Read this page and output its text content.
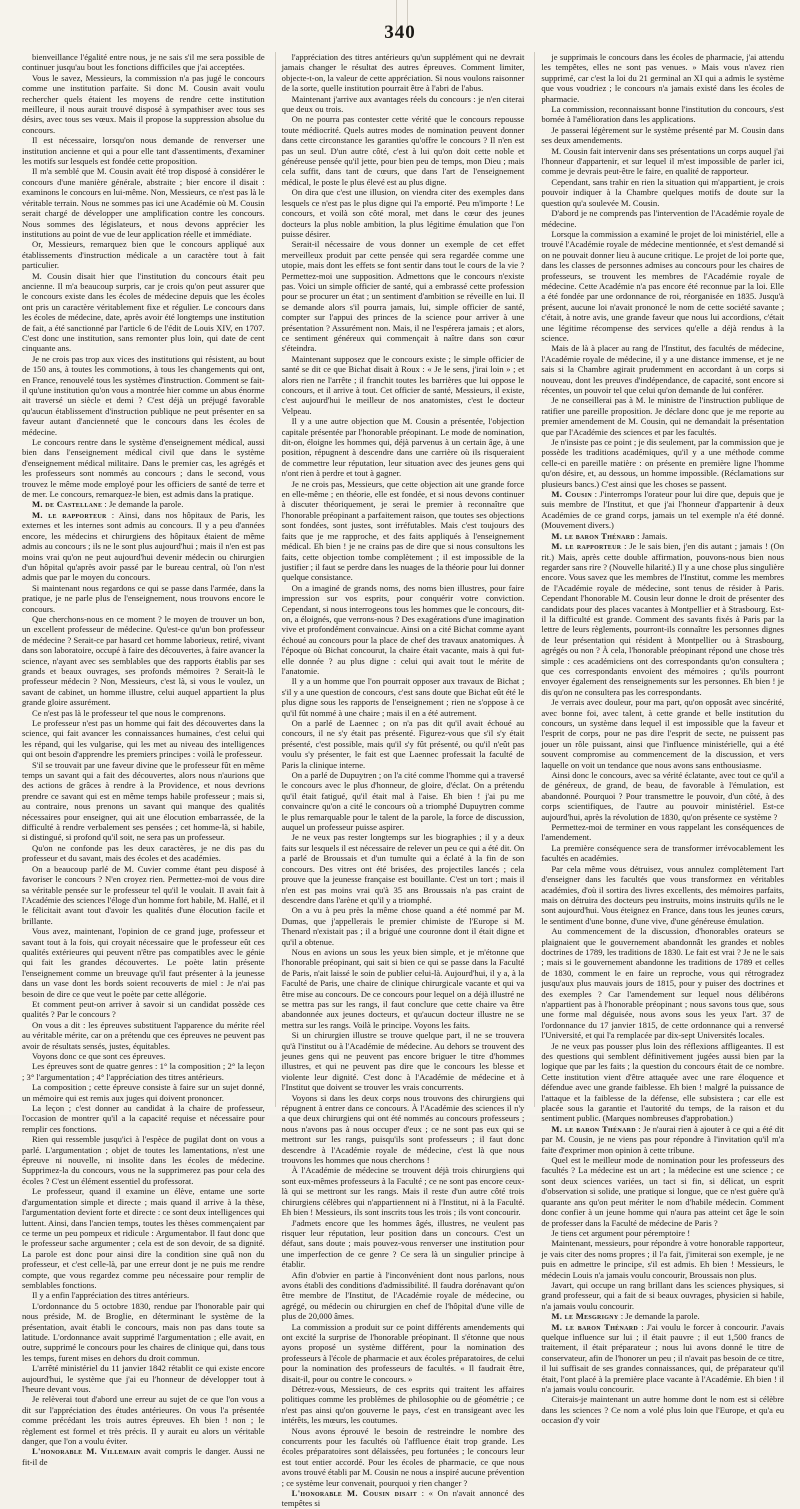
340

bienveillance l'égalité entre nous, je ne sais s'il me sera possible de continuer jusqu'au bout les fonctions difficiles que j'ai acceptées.

Vous le savez, Messieurs, la commission n'a pas jugé le concours comme une institution parfaite. Si donc M. Cousin avait voulu rechercher quels étaient les moyens de rendre cette institution meilleure, il nous aurait trouvé disposé à sympathiser avec tous ses désirs, avec tous ses vœux. Mais il propose la suppression absolue du concours.

Il est nécessaire, lorsqu'on nous demande de renverser une institution ancienne et qui a pour elle tant d'assentiments, d'examiner les motifs sur lesquels est fondée cette proposition.

Il m'a semblé que M. Cousin avait été trop disposé à considérer le concours d'une manière générale, abstraite ; bier encore il disait : examinons le concours en lui-même. Non, Messieurs, ce n'est pas là le véritable terrain. Nous ne sommes pas ici une Académie où M. Cousin serait chargé de développer une amplification contre les concours. Nous sommes des législateurs, et nous devons apprécier les institutions au point de vue de leur application réelle et immédiate.

Or, Messieurs, remarquez bien que le concours appliqué aux établissements d'instruction médicale a un caractère tout à fait particulier.

M. Cousin disait hier que l'institution du concours était peu ancienne. Il m'a beaucoup surpris, car je crois qu'on peut assurer que le concours existe dans les écoles de médecine depuis que les écoles ont pris un caractère véritablement fixe et régulier. Le concours dans les écoles de médecine, date, après avoir été longtemps une institution de fait, a été sanctionné par l'article 6 de l'édit de Louis XIV, en 1707. C'est donc une institution, sans remonter plus loin, qui date de cent cinquante ans.

Je ne crois pas trop aux vices des institutions qui résistent, au bout de 150 ans, à toutes les commotions, à tous les changements qui ont, en France, renouvelé tous les systèmes d'instruction. Comment se fait-il qu'une institution qu'on vous a montrée hier comme un abus énorme ait traversé un siècle et demi ? C'est déjà un préjugé favorable qu'aucun établissement d'instruction publique ne peut présenter en sa faveur autant d'ancienneté que le concours dans les écoles de médecine.

Le concours rentre dans le système d'enseignement médical, aussi bien dans l'enseignement médical civil que dans le système d'enseignement médical militaire. Dans le premier cas, les agrégés et les professeurs sont nommés au concours ; dans le second, vous trouvez le même mode employé pour les officiers de santé de terre et de mer. Le concours, remarquez-le bien, est admis dans la pratique.

M. de Castellane : Je demande la parole.

M. le rapporteur : Ainsi, dans nos hôpitaux de Paris, les externes et les internes sont admis au concours. Il y a peu d'années encore, les médecins et chirurgiens des hôpitaux étaient de même admis au concours ; ils ne le sont plus aujourd'hui ; mais il n'en est pas moins vrai qu'on ne peut aujourd'hui devenir médecin ou chirurgien d'un hôpital qu'après avoir passé par le bureau central, où l'on n'est admis que par le moyen du concours.

Si maintenant nous regardons ce qui se passe dans l'armée, dans la pratique, je ne parle plus de l'enseignement, nous trouvons encore le concours.

Que cherchons-nous en ce moment ? le moyen de trouver un bon, un excellent professeur de médecine. Qu'est-ce qu'un bon professeur de médecine ? Serait-ce par hasard cet homme laborieux, retiré, vivant dans son laboratoire, occupé à faire des découvertes, à faire avancer la science, n'ayant avec ses semblables que des rapports établis par ses grands et beaux ouvrages, ses profonds mémoires ? Serait-là le professeur médecin ? Non, Messieurs, c'est là, si vous le voulez, un savant de cabinet, un homme illustre, celui auquel appartient la plus grande gloire assurément.

Ce n'est pas là le professeur tel que nous le comprenons.

Le professeur n'est pas un homme qui fait des découvertes dans la science, qui fait avancer les connaissances humaines, c'est celui qui les répand, qui les vulgarise, qui les met au niveau des intelligences qui ont besoin d'apprendre les premiers principes : voilà le professeur.

S'il se trouvait par une faveur divine que le professeur fût en même temps un savant qui a fait des découvertes, alors nous n'aurions que des actions de grâces à rendre à la Providence, et nous devrions prendre ce savant qui est en même temps habile professeur ; mais si, au contraire, nous prenons un savant qui manque des qualités nécessaires pour enseigner, qui ait une élocution embarrassée, de la difficulté à rendre verbalement ses pensées ; cet homme-là, si habile, si distingué, si profond qu'il soit, ne sera pas un professeur.

Qu'on ne confonde pas les deux caractères, je ne dis pas du professeur et du savant, mais des écoles et des académies.

On a beaucoup parlé de M. Cuvier comme étant peu disposé à favoriser le concours ? N'en croyez rien. Permettez-moi de vous dire sa véritable pensée sur le professeur tel qu'il le voulait. Il avait fait à l'Académie des sciences l'éloge d'un homme fort habile, M. Hallé, et il le félicitait avant tout d'avoir les qualités d'une élocution facile et brillante.

Vous avez, maintenant, l'opinion de ce grand juge, professeur et savant tout à la fois, qui croyait nécessaire que le professeur eût ces qualités extérieures qui peuvent n'être pas compatibles avec le génie qui fait les grandes découvertes. Le poète latin présente l'enseignement comme un breuvage qu'il faut présenter à la jeunesse dans un vase dont les bords soient recouverts de miel : Je n'ai pas besoin de dire ce que veut le poète par cette allégorie.

Et comment peut-on arriver à savoir si un candidat possède ces qualités ? Par le concours ?

On vous a dit : les épreuves substituent l'apparence du mérite réel au véritable mérite, car on a prétendu que ces épreuves ne peuvent pas avoir de résultats sensés, justes, équitables.

Voyons donc ce que sont ces épreuves.

Les épreuves sont de quatre genres : 1° la composition ; 2° la leçon ; 3° l'argumentation ; 4° l'appréciation des titres antérieurs.

La composition ; cette épreuve consiste à faire sur un sujet donné, un mémoire qui est remis aux juges qui doivent prononcer.

La leçon ; c'est donner au candidat à la chaire de professeur, l'occasion de montrer qu'il a la capacité requise et nécessaire pour remplir ces fonctions.

Rien qui ressemble jusqu'ici à l'espèce de pugilat dont on vous a parlé. L'argumentation ; objet de toutes les lamentations, n'est une épreuve ni nouvelle, ni insolite dans les écoles de médecine. Supprimez-la du concours, vous ne la supprimerez pas pour cela des écoles ? C'est un élément essentiel du professorat.

Le professeur, quand il examine un élève, entame une sorte d'argumentation simple et directe ; mais quand il arrive à la thèse, l'argumentation devient forte et directe : ce sont deux intelligences qui luttent. Ainsi, dans l'ancien temps, toutes les thèses commençaient par ce terme un peu pompeux et ridicule : Argumentabor. Il faut donc que le professeur sache argumenter ; cela est de son devoir, de sa dignité. La parole est donc pour ainsi dire la condition sine quâ non du professeur, et c'est celle-là, par une erreur dont je ne puis me rendre compte, que vous regardez comme peu nécessaire pour remplir de semblables fonctions.

Il y a enfin l'appréciation des titres antérieurs.

L'ordonnance du 5 octobre 1830, rendue par l'honorable pair qui nous préside, M. de Broglie, en déterminant le système de la présentation, avait établi le concours, mais non pas dans toute sa latitude. L'ordonnance avait supprimé l'argumentation ; elle avait, en outre, supprimé le concours pour les chaires de clinique qui, dans tous les temps, furent mises en dehors du droit commun.

L'arrêté ministériel du 11 janvier 1842 rétablit ce qui existe encore aujourd'hui, le système que j'ai eu l'honneur de développer tout à l'heure devant vous.

Je relèverai tout d'abord une erreur au sujet de ce que l'on vous a dit sur l'appréciation des études antérieures. On vous l'a présentée comme précédant les trois autres épreuves. Eh bien ! non ; le règlement est formel et très précis. Il y aurait eu alors un véritable danger, que l'on a voulu éviter.

L'honorable M. Villemain avait compris le danger. Aussi ne fit-il de

l'appréciation des titres antérieurs qu'un supplément qui ne devrait jamais changer le résultat des autres épreuves. Comment limiter, objecte-t-on, la valeur de cette appréciation. Si nous voulons raisonner de la sorte, quelle institution pourrait être à l'abri de l'abus.

Maintenant j'arrive aux avantages réels du concours : je n'en citerai que deux ou trois.

On ne pourra pas contester cette vérité que le concours repousse toute médiocrité. Quels autres modes de nomination peuvent donner dans cette circonstance les garanties qu'offre le concours ? Il n'en est pas un seul. D'un autre côté, c'est à lui qu'on doit cette noble et généreuse pensée qu'il jette, pour bien peu de temps, mon Dieu ; mais cela suffit, dans tant de cœurs, que dans l'art de l'enseignement médical, le poste le plus élevé est au plus digne.

On dira que c'est une illusion, on viendra citer des exemples dans lesquels ce n'est pas le plus digne qui l'a emporté. Peu m'importe ! Le concours, et voilà son côté moral, met dans le cœur des jeunes docteurs la plus noble ambition, la plus légitime émulation que l'on puisse désirer.

Serait-il nécessaire de vous donner un exemple de cet effet merveilleux produit par cette pensée qui sera regardée comme une utopie, mais dont les effets se font sentir dans tout le cours de la vie ? Permettez-moi une supposition. Admettons que le concours n'existe pas. Voici un simple officier de santé, qui a embrassé cette profession pour se procurer un état ; un sentiment d'ambition se réveille en lui. Il se demande alors s'il pourra jamais, lui, simple officier de santé, compter sur l'appui des princes de la science pour arriver à une présentation ? Assurément non. Mais, il ne l'espérera jamais ; et alors, ce sentiment généreux qui commençait à naître dans son cœur s'éteindra.

Maintenant supposez que le concours existe ; le simple officier de santé se dit ce que Bichat disait à Roux : « Je le sens, j'irai loin » ; et alors rien ne l'arrête ; il franchit toutes les barrières que lui oppose le concours, et il arrive à tout. Cet officier de santé, Messieurs, il existe, c'est aujourd'hui le meilleur de nos anatomistes, c'est le docteur Velpeau.

Il y a une autre objection que M. Cousin a présentée, l'objection capitale présentée par l'honorable préopinant. Le mode de nomination, dit-on, éloigne les hommes qui, déjà parvenus à un certain âge, à une position, répugnent à descendre dans une carrière où ils risqueraient de commettre leur réputation, leur situation avec des jeunes gens qui n'ont rien à perdre et tout à gagner.

Je ne crois pas, Messieurs, que cette objection ait une grande force en elle-même ; en théorie, elle est fondée, et si nous devons continuer à discuter théoriquement, je serai le premier à reconnaître que l'honorable préopinant a parfaitement raison, que toutes ses objections sont fondées, sont justes, sont irréfutables. Mais c'est toujours des faits que je me rapproche, et des faits appliqués à l'enseignement médical. Eh bien ! je ne crains pas de dire que si nous consultons les faits, cette objection tombe complètement ; il est impossible de la justifier ; il faut se perdre dans les nuages de la théorie pour lui donner quelque consistance.

On a imaginé de grands noms, des noms bien illustres, pour faire impression sur vos esprits, pour conquérir votre conviction. Cependant, si nous interrogeons tous les hommes que le concours, dit-on, a éloignés, que verrons-nous ? Des exagérations d'une imagination vive et profondément convaincue. Ainsi on a cité Bichat comme ayant échoué au concours pour la place de chef des travaux anatomiques. À l'époque où Bichat concourut, la chaire était vacante, mais à qui fut-elle donnée ? au plus digne : celui qui avait tout le mérite de l'anatomie.

Il y a un homme que l'on pourrait opposer aux travaux de Bichat ; s'il y a une question de concours, c'est sans doute que Bichat eût été le plus digne sous les rapports de l'enseignement ; rien ne s'oppose à ce qu'il fût nommé à une chaire ; mais il en a été autrement.

On a parlé de Laennec ; on n'a pas dit qu'il avait échoué au concours, il ne s'y était pas présenté. Figurez-vous que s'il s'y était présenté, c'est possible, mais qu'il s'y fût présenté, ou qu'il n'eût pas voulu s'y présenter, le fait est que Laennec professait la faculté de Paris la clinique interne.

On a parlé de Dupuytren ; on l'a cité comme l'homme qui a traversé le concours avec le plus d'honneur, de gloire, d'éclat. On a prétendu qu'il était fatigué, qu'il était mal à l'aise. Eh bien ! j'ai pu me convaincre qu'on a cité le concours où a triomphé Dupuytren comme le plus remarquable pour le talent de la parole, la force de discussion, auquel un professeur puisse aspirer.

Je ne veux pas rester longtemps sur les biographies ; il y a deux faits sur lesquels il est nécessaire de relever un peu ce qui a été dit. On a parlé de Broussais et d'un tumulte qui a éclaté à la fin de son concours. Des vitres ont été brisées, des projectiles lancés ; cela prouve que la jeunesse française est bouillante. C'est un tort ; mais il n'en est pas moins vrai qu'à 35 ans Broussais n'a pas craint de descendre dans l'arène et qu'il y a triomphé.

On a vu à peu près la même chose quand a été nommé par M. Dumas, que j'appellerais le premier chimiste de l'Europe si M. Thenard n'existait pas ; il a brigué une couronne dont il était digne et qu'il a obtenue.

Nous en avions un sous les yeux bien simple, et je m'étonne que l'honorable préopinant, qui sait si bien ce qui se passe dans la Faculté de Paris, n'ait laissé le soin de publier celui-là. Aujourd'hui, il y a, à la Faculté de Paris, une chaire de clinique chirurgicale vacante et qui va être mise au concours. De ce concours pour lequel on a déjà illustré ne se mettra pas sur les rangs, il faut conclure que cette chaire va être abandonnée aux jeunes docteurs, et qu'aucun docteur illustre ne se mettra sur les rangs. Voilà le principe. Voyons les faits.

Si un chirurgien illustre se trouve quelque part, il ne se trouvera qu'à l'institut ou à l'Académie de médecine. Au dehors se trouvent des jeunes gens qui ne peuvent pas encore briguer le titre d'hommes illustres, et qui ne peuvent pas dire que le concours les blesse et violente leur dignité. C'est donc à l'Académie de médecine et à l'Institut que doivent se trouver les vrais concurrents.

Voyons si dans les deux corps nous trouvons des chirurgiens qui répugnent à entrer dans ce concours. À l'Académie des sciences il n'y a que deux chirurgiens qui ont été nommés au concours professeurs ; nous n'avons pas à nous occuper d'eux ; ce ne sont pas eux qui se mettront sur les rangs, puisqu'ils sont professeurs ; il faut donc descendre à l'Académie royale de médecine, c'est là que nous trouvons les hommes que nous cherchons !

À l'Académie de médecine se trouvent déjà trois chirurgiens qui sont eux-mêmes professeurs à la Faculté ; ce ne sont pas encore ceux-là qui se mettront sur les rangs. Mais il reste d'un autre côté trois chirurgiens célèbres qui n'appartiennent ni à l'Institut, ni à la Faculté. Eh bien ! Messieurs, ils sont inscrits tous les trois ; ils vont concourir.

J'admets encore que les hommes âgés, illustres, ne veulent pas risquer leur réputation, leur position dans un concours. C'est un défaut, sans doute ; mais pouvez-vous renverser une institution pour une imperfection de ce genre ? Ce sera là un singulier principe à établir.

Afin d'obvier en partie à l'inconvénient dont nous parlons, nous avons établi des conditions d'admissibilité. Il faudra dorénavant qu'on être membre de l'Institut, de l'Académie royale de médecine, ou agrégé, ou médecin ou chirurgien en chef de l'hôpital d'une ville de plus de 20,000 âmes.

La commission a produit sur ce point différents amendements qui ont excité la surprise de l'honorable préopinant. Il s'étonne que nous ayons proposé un système différent, pour la nomination des professeurs à l'école de pharmacie et aux écoles préparatoires, de celui pour la nomination des professeurs de facultés. « Il faudrait être, disait-il, pour ou contre le concours. »

Détrez-vous, Messieurs, de ces esprits qui traitent les affaires politiques comme les problèmes de philosophie ou de géométrie ; ce n'est pas ainsi qu'on gouverne le pays, c'est en transigeant avec les intérêts, les mœurs, les coutumes.

Nous avons éprouvé le besoin de restreindre le nombre des concurrents pour les facultés où l'affluence était trop grande. Les écoles préparatoires sont délaissées, peu fortunées ; le concours leur est tout entier accordé. Pour les écoles de pharmacie, ce que nous avons trouvé établi par M. Cousin ne nous a inspiré aucune prévention ; ce système leur convenait, pourquoi y rien changer ?

L'honorable M. Cousin disait : « On n'avait annoncé des tempêtes si

je supprimais le concours dans les écoles de pharmacie, j'ai attendu les tempêtes, elles ne sont pas venues. » Mais vous n'avez rien supprimé, car c'est la loi du 21 germinal an XI qui a admis le système que vous voudriez ; le concours n'a jamais existé dans les écoles de pharmacie.

La commission, reconnaissant bonne l'institution du concours, s'est bornée à l'amélioration dans les applications.

Je passerai légèrement sur le système présenté par M. Cousin dans ses deux amendements.

M. Cousin fait intervenir dans ses présentations un corps auquel j'ai l'honneur d'appartenir, et sur lequel il m'est impossible de parler ici, comme je devrais peut-être le faire, en qualité de rapporteur.

Cependant, sans trahir en rien la situation qui m'appartient, je crois pouvoir indiquer à la Chambre quelques motifs de doute sur la question qu'a soulevée M. Cousin.

D'abord je ne comprends pas l'intervention de l'Académie royale de médecine.

Lorsque la commission a examiné le projet de loi ministériel, elle a trouvé l'Académie royale de médecine mentionnée, et s'est demandé si on ne pouvait donner lieu à aucune critique. Le projet de loi porte que, dans les classes de personnes admises au concours pour les chaires de professeurs, se trouvent les membres de l'Académie royale de médecine. Cette Académie n'a pas encore été reconnue par la loi. Elle a été fondée par une ordonnance de roi, réorganisée en 1835. Jusqu'à présent, aucune loi n'avait prononcé le nom de cette société savante ; c'était, à notre avis, une grande faveur que nous lui accordions, c'était une légitime récompense des services qu'elle a déjà rendus à la science.

Mais de là à placer au rang de l'Institut, des facultés de médecine, l'Académie royale de médecine, il y a une distance immense, et je ne sais si la Chambre agirait prudemment en accordant à un corps si nouveau, dont les preuves d'indépendance, de capacité, sont encore si récentes, un pouvoir tel que celui qu'on demande de lui conférer.

Je ne conseillerai pas à M. le ministre de l'instruction publique de ratifier une pareille proposition. Je déclare donc que je me reporte au premier amendement de M. Cousin, qui ne demandait la présentation que par l'Académie des sciences et par les facultés.

Je n'insiste pas ce point ; je dis seulement, par la commission que je possède les traditions académiques, qu'il y a une méthode comme celle-ci en pareille matière : on présente en première ligne l'homme qu'on désire, et, au dessous, un homme impossible. (Réclamations sur plusieurs bancs.) C'est ainsi que les choses se passent.

M. Cousin : J'interromps l'orateur pour lui dire que, depuis que je suis membre de l'Institut, et que j'ai l'honneur d'appartenir à deux Académies de ce grand corps, jamais un tel exemple n'a été donné. (Mouvement divers.)

M. le baron Thénard : Jamais.

M. le rapporteur : Je le sais bien, j'en dis autant ; jamais ! (On rit.) Mais, après cette double affirmation, pouvons-nous bien nous regarder sans rire ? (Nouvelle hilarité.) Il y a une chose plus singulière encore. Vous savez que les membres de l'Institut, comme les membres de l'Académie royale de médecine, sont tenus de résider à Paris. Cependant l'honorable M. Cousin leur donne le droit de présenter des candidats pour des places vacantes à Montpellier et à Strasbourg. Est-il la difficulté est grande. Comment des savants fixés à Paris par la lettre de leurs règlements, pourront-ils connaître les personnes dignes de leur présentation qui résident à Montpellier ou à Strasbourg, agrégés ou non ? À cela, l'honorable préopinant répond une chose très simple : ces académiciens ont des correspondants qu'on consultera ; que ces correspondants envoient des mémoires ; qu'ils pourront envoyer également des renseignements sur les personnes. Eh bien ! je dis qu'on ne consultera pas les correspondants.

Je verrais avec douleur, pour ma part, qu'on opposât avec sincérité, avec bonne foi, avec talent, à cette grande et belle institution du concours, un système dans lequel il est impossible que la faveur et l'esprit de corps, pour ne pas dire l'esprit de secte, ne puissent pas jouer un rôle puissant, ainsi que l'influence ministérielle, qui a été souvent compromise au commencement de la discussion, et vers laquelle on voit un tendance que nous avons sans enthousiasme.

Ainsi donc le concours, avec sa vérité éclatante, avec tout ce qu'il a de généreux, de grand, de beau, de favorable à l'émulation, est abandonné. Pourquoi ? Pour transmettre le pouvoir, d'un côté, à des corps scientifiques, de l'autre au pouvoir ministériel. Est-ce aujourd'hui, après la révolution de 1830, qu'on présente ce système ?

Permettez-moi de terminer en vous rappelant les conséquences de l'amendement.

La première conséquence sera de transformer irrévocablement les facultés en académies.

Par cela même vous détruisez, vous annulez complètement l'art d'enseigner dans les facultés que vous transformez en véritables académies, d'où il sortira des livres excellents, des mémoires parfaits, mais on détruira des docteurs peu instruits, moins instruits qu'ils ne le sont aujourd'hui. Vous éteignez en France, dans tous les jeunes cœurs, le sentiment d'une bonne, d'une vive, d'une généreuse émulation.

Au commencement de la discussion, d'honorables orateurs se plaignaient que le gouvernement abandonnât les grandes et nobles doctrines de 1789, les traditions de 1830. Le fait est vrai ? Je ne le sais ; mais si le gouvernement abandonne les traditions de 1789 et celles de 1830, comment le en faire un reproche, vous qui rétrogradez jusqu'aux plus mauvais jours de 1815, pour y puiser des doctrines et des exemples ? Car l'amendement sur lequel nous délibérons n'appartient pas à l'honorable préopinant ; nous savons tous que, sous une forme mal déguisée, nous avons sous les yeux l'art. 37 de l'ordonnance du 17 janvier 1815, de cette ordonnance qui a renversé l'Université, et qui l'a remplacée par dix-sept Universités locales.

Je ne veux pas pousser plus loin des réflexions affligeantes. Il est des questions qui semblent définitivement jugées aussi bien par la logique que par les faits ; la question du concours était de ce nombre. Cette institution vient d'être attaquée avec une rare éloquence et défendue avec une grande faiblesse. Eh bien ! malgré la puissance de l'attaque et la faiblesse de la défense, elle subsistera ; car elle est placée sous la garantie et l'autorité du temps, de la raison et du sentiment public. (Marques nombreuses d'approbation.)

M. le baron Thénard : Je n'aurai rien à ajouter à ce qui a été dit par M. Cousin, je ne viens pas pour répondre à l'invitation qu'il m'a faite d'exprimer mon opinion à cette tribune.

Quel est le meilleur mode de nomination pour les professeurs des facultés ? La médecine est un art ; la médecine est une science ; ce sont deux sciences variées, un tact si fin, si délicat, un esprit d'observation si solide, une pratique si longue, que ce n'est guère qu'à quarante ans qu'on peut mériter le nom d'habile médecin. Comment donc confier à un jeune homme qui n'aura pas atteint cet âge le soin de professer dans la Faculté de médecine de Paris ?

Je tiens cet argument pour péremptoire !

Maintenant, messieurs, pour répondre à votre honorable rapporteur, je vais citer des noms propres ; il l'a fait, j'imiterai son exemple, je ne puis en admettre le principe, s'il est admis. Eh bien ! Messieurs, le médecin Louis n'a jamais voulu concourir, Broussais non plus.

Javart, qui occupe un rang brillant dans les sciences physiques, si grand professeur, qui a fait de si beaux ouvrages, physicien si habile, n'a jamais voulu concourir.

M. le Mesgrigny : Je demande la parole.

M. le baron Thénard : J'ai voulu le forcer à concourir. J'avais quelque influence sur lui ; il était pauvre ; il eut 1,500 francs de traitement, il était préparateur ; nous lui avons donné le titre de conservateur, afin de l'honorer un peu ; il n'avait pas besoin de ce titre, il lui suffisait de ses grandes connaissances, qui, de préparateur qu'il était, l'ont placé à la première place vacante à l'Académie. Eh bien ! il n'a jamais voulu concourir.

Citerais-je maintenant un autre homme dont le nom est si célèbre dans les sciences ? Ce nom a volé plus loin que l'Europe, et qu'a eu occasion d'y voir
